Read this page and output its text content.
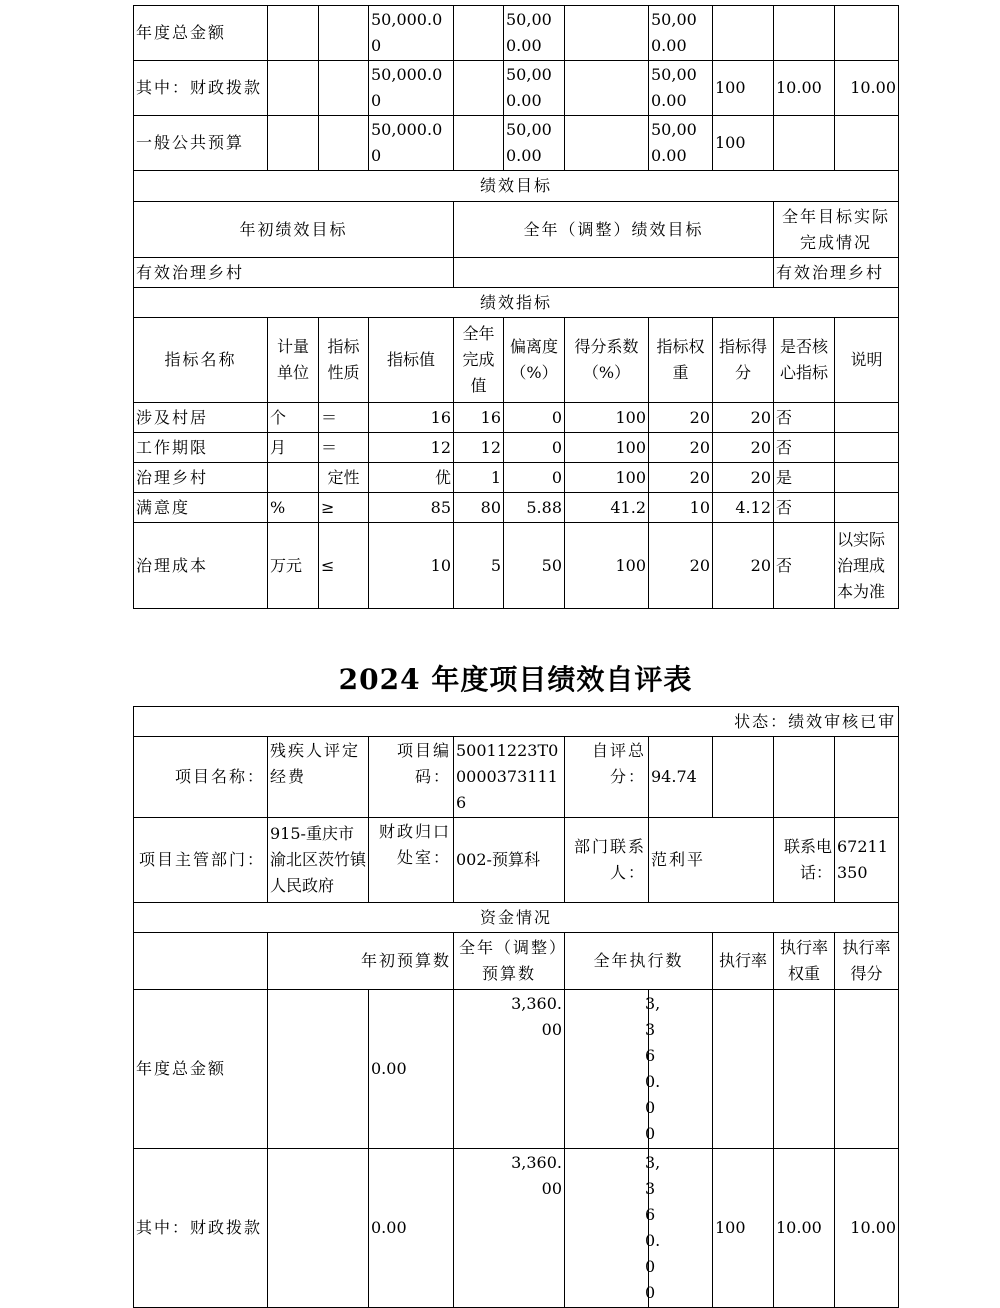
年度总金额			50,000.00		50,000.00		50,000.00			
其中：财政拨款			50,000.00		50,000.00		50,000.00	100	10.00	10.00
一般公共预算			50,000.00		50,000.00		50,000.00	100		
绩效目标										
年初绩效目标				全年（调整）绩效目标					全年目标实际完成情况	
有效治理乡村									有效治理乡村	
绩效指标										
指标名称	计量单位	指标性质	指标值	全年完成值	偏离度（%）	得分系数（%）	指标权重	指标得分	是否核心指标	说明
涉及村居	个	＝	16	16	0	100	20	20	否	
工作期限	月	＝	12	12	0	100	20	20	否	
治理乡村		定性	优	1	0	100	20	20	是	
满意度	%	≥	85	80	5.88	41.2	10	4.12	否	
治理成本	万元	≤	10	5	50	100	20	20	否	以实际治理成本为准
2024 年度项目绩效自评表
状态：绩效审核已审								
项目名称：	残疾人评定经费	项目编码：	50011223T000003731116	自评总分：	94.74			
项目主管部门：	915-重庆市渝北区茨竹镇人民政府	财政归口处室：	002-预算科	部门联系人：	范利平		联系电话：	67211350
资金情况								
	年初预算数		全年（调整）预算数	全年执行数		执行率	执行率权重	执行率得分
年度总金额		0.00	3,360.00	3,360.00				
其中：财政拨款		0.00	3,360.00	3,360.00		100	10.00	10.00
